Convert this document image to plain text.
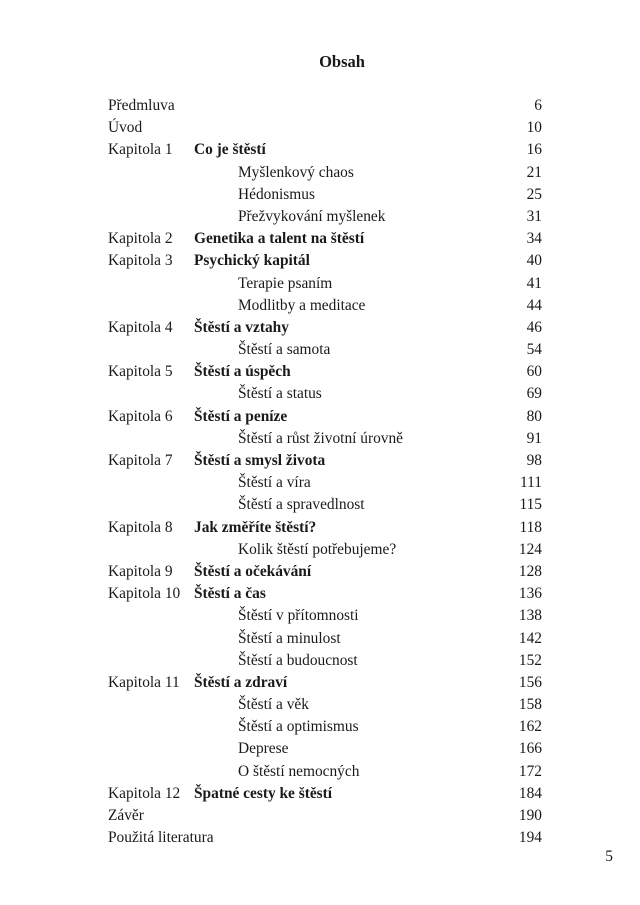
Obsah
Předmluva	6
Úvod	10
Kapitola 1 Co je štěstí	16
Myšlenkový chaos	21
Hédonismus	25
Přežvykování myšlenek	31
Kapitola 2 Genetika a talent na štěstí	34
Kapitola 3 Psychický kapitál	40
Terapie psaním	41
Modlitby a meditace	44
Kapitola 4 Štěstí a vztahy	46
Štěstí a samota	54
Kapitola 5 Štěstí a úspěch	60
Štěstí a status	69
Kapitola 6 Štěstí a peníze	80
Štěstí a růst životní úrovně	91
Kapitola 7 Štěstí a smysl života	98
Štěstí a víra	111
Štěstí a spravedlnost	115
Kapitola 8 Jak změříte štěstí?	118
Kolik štěstí potřebujeme?	124
Kapitola 9 Štěstí a očekávání	128
Kapitola 10 Štěstí a čas	136
Štěstí v přítomnosti	138
Štěstí a minulost	142
Štěstí a budoucnost	152
Kapitola 11 Štěstí a zdraví	156
Štěstí a věk	158
Štěstí a optimismus	162
Deprese	166
O štěstí nemocných	172
Kapitola 12 Špatné cesty ke štěstí	184
Závěr	190
Použitá literatura	194
5
